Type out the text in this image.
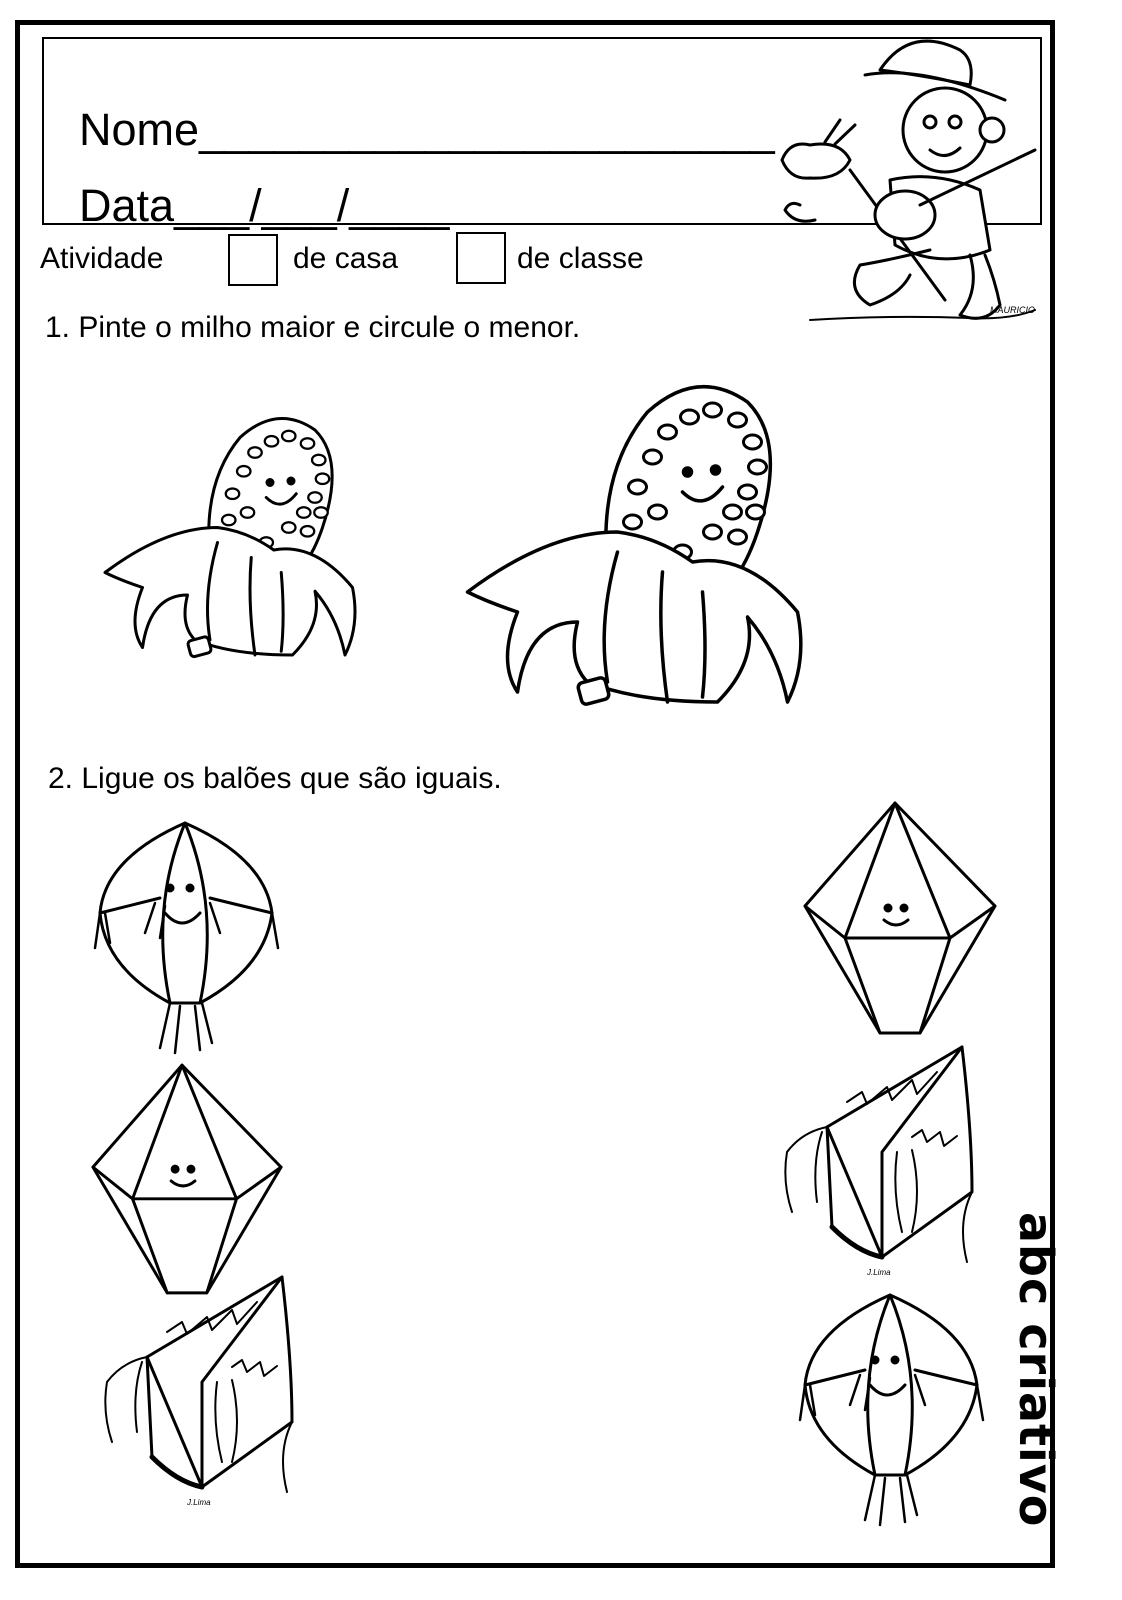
Nome_______________________

Data___/___/____

MAURICIO
Atividade	de casa	de classe
1. Pinte o milho maior e circule o menor.
2. Ligue os balões que são iguais.
J.Lima
J.Lima	abc criativo
